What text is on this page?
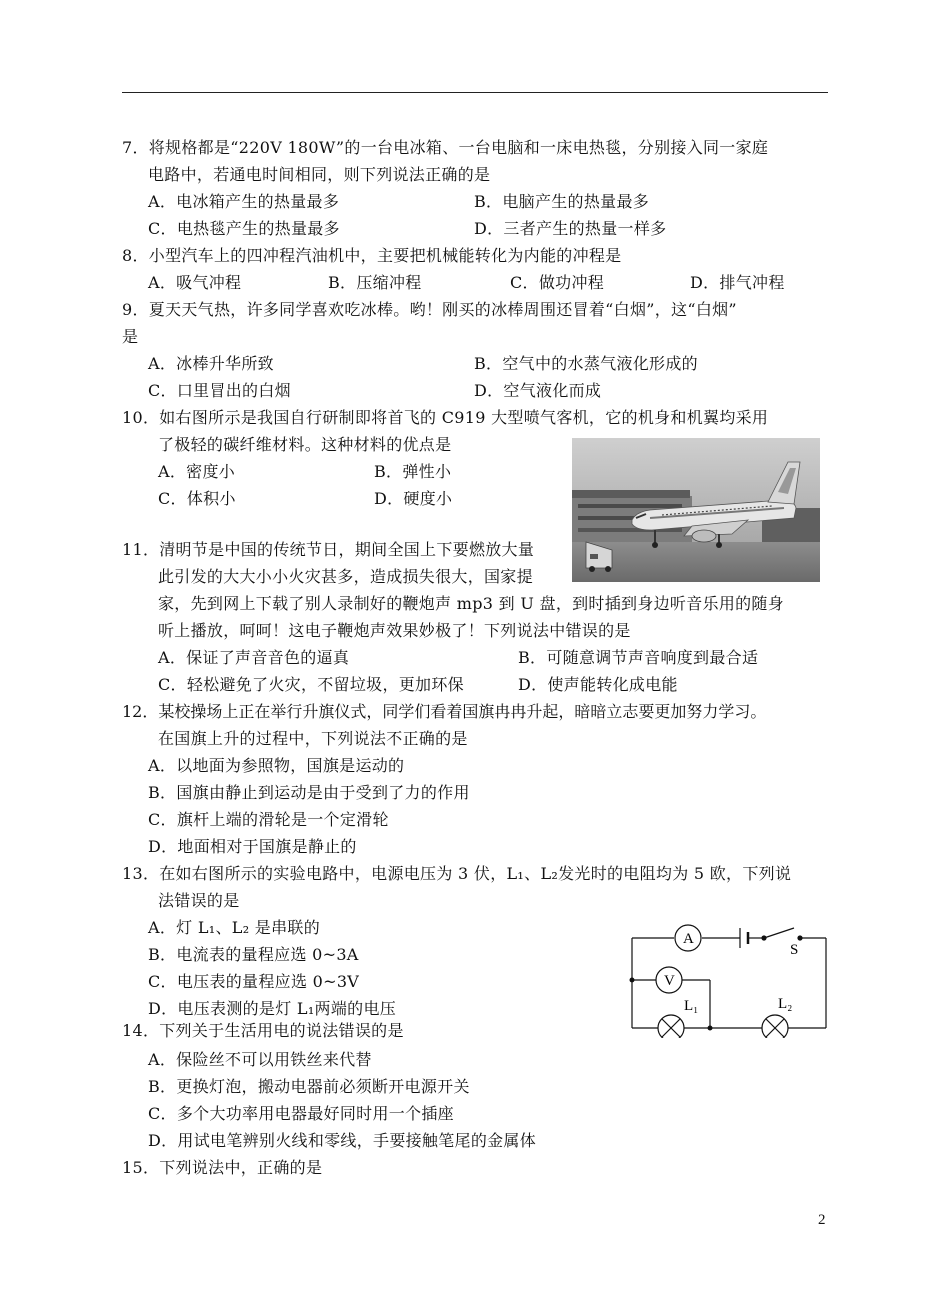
7．将规格都是“220V 180W”的一台电冰箱、一台电脑和一床电热毯，分别接入同一家庭
电路中，若通电时间相同，则下列说法正确的是
A．电冰箱产生的热量最多	B．电脑产生的热量最多
C．电热毯产生的热量最多	D．三者产生的热量一样多
8．小型汽车上的四冲程汽油机中，主要把机械能转化为内能的冲程是
A．吸气冲程	B．压缩冲程	C．做功冲程	D．排气冲程
9．夏天天气热，许多同学喜欢吃冰棒。哟！刚买的冰棒周围还冒着“白烟”，这“白烟”
是
A．冰棒升华所致	B．空气中的水蒸气液化形成的
C．口里冒出的白烟	D．空气液化而成
10．如右图所示是我国自行研制即将首飞的 C919 大型喷气客机，它的机身和机翼均采用
了极轻的碳纤维材料。这种材料的优点是
A．密度小	B．弹性小
C．体积小	D．硬度小
11．清明节是中国的传统节日，期间全国上下要燃放大量
此引发的大大小小火灾甚多，造成损失很大，国家提
家，先到网上下载了别人录制好的鞭炮声 mp3 到 U 盘，到时插到身边听音乐用的随身
听上播放，呵呵！这电子鞭炮声效果妙极了！下列说法中错误的是
A．保证了声音音色的逼真	B．可随意调节声音响度到最合适
C．轻松避免了火灾，不留垃圾，更加环保	D．使声能转化成电能
12．某校操场上正在举行升旗仪式，同学们看着国旗冉冉升起，暗暗立志要更加努力学习。
在国旗上升的过程中，下列说法不正确的是
A．以地面为参照物，国旗是运动的
B．国旗由静止到运动是由于受到了力的作用
C．旗杆上端的滑轮是一个定滑轮
D．地面相对于国旗是静止的
13．在如右图所示的实验电路中，电源电压为 3 伏，L₁、L₂发光时的电阻均为 5 欧，下列说
法错误的是
A．灯 L₁、L₂ 是串联的
B．电流表的量程应选 0~3A
C．电压表的量程应选 0~3V
D．电压表测的是灯 L₁两端的电压
14．下列关于生活用电的说法错误的是
A．保险丝不可以用铁丝来代替
B．更换灯泡，搬动电器前必须断开电源开关
C．多个大功率用电器最好同时用一个插座
D．用试电笔辨别火线和零线，手要接触笔尾的金属体
15．下列说法中，正确的是
A
V
S
L₁	L₂
2
